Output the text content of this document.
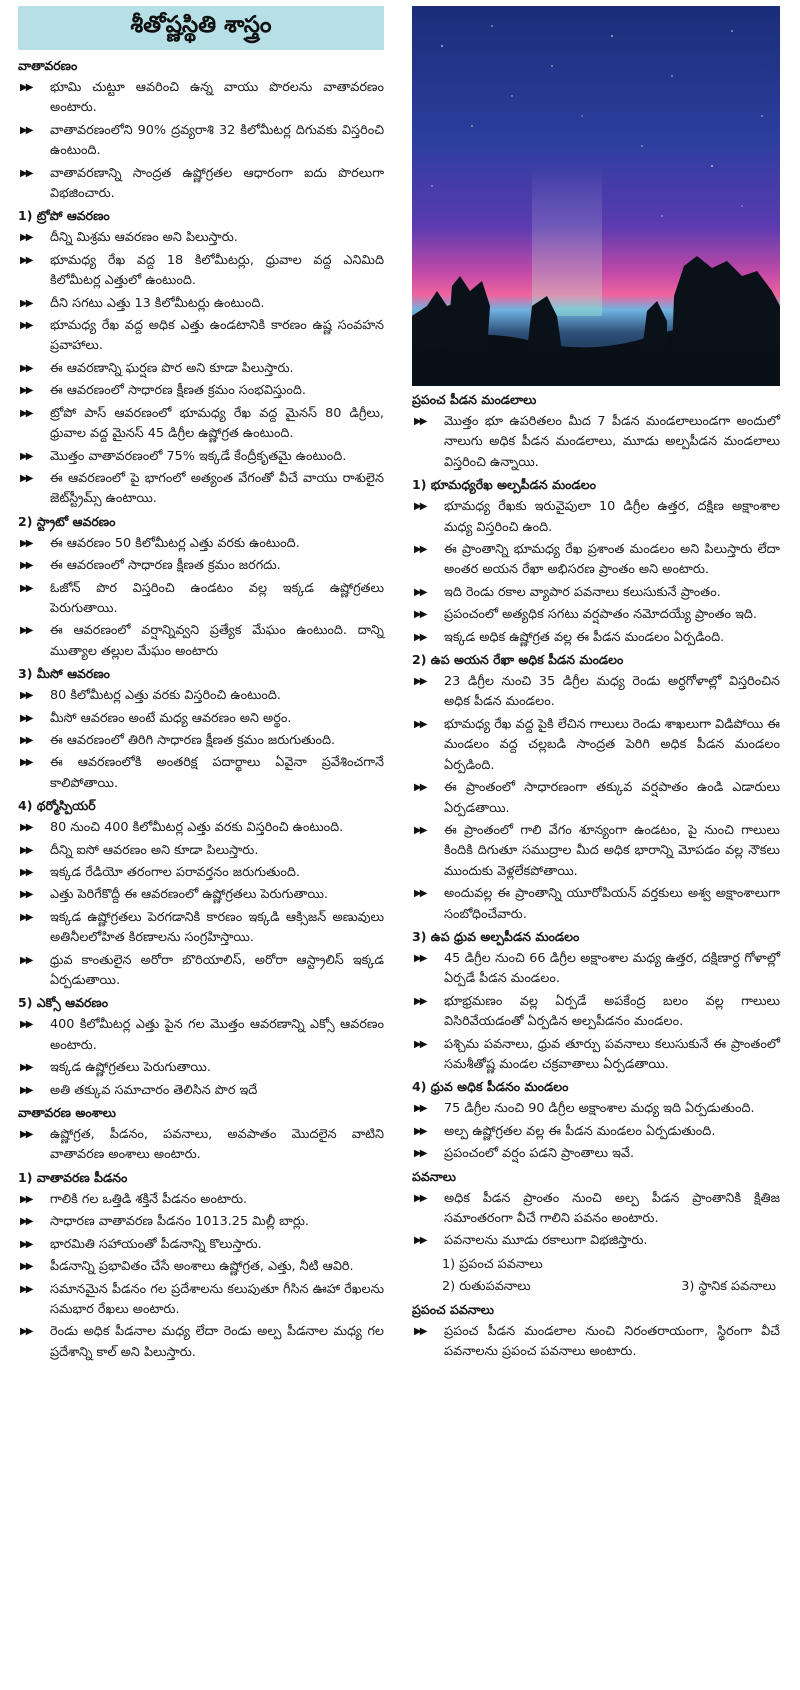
శీతోష్ణస్థితి శాస్త్రం
వాతావరణం
▶▶	భూమి చుట్టూ ఆవరించి ఉన్న వాయు పొరలను వాతావరణం అంటారు.
▶▶	వాతావరణంలోని 90% ద్రవ్యరాశి 32 కిలోమీటర్ల దిగువకు విస్తరించి ఉంటుంది.
▶▶	వాతావరణాన్ని సాంద్రత ఉష్ణోగ్రతల ఆధారంగా ఐదు పొరలుగా విభజించారు.
1) ట్రోపో ఆవరణం
▶▶	దీన్ని మిశ్రమ ఆవరణం అని పిలుస్తారు.
▶▶	భూమధ్య రేఖ వద్ద 18 కిలోమీటర్లు, ధ్రువాల వద్ద ఎనిమిది కిలోమీటర్ల ఎత్తులో ఉంటుంది.
▶▶	దీని సగటు ఎత్తు 13 కిలోమీటర్లు ఉంటుంది.
▶▶	భూమధ్య రేఖ వద్ద అధిక ఎత్తు ఉండటానికి కారణం ఉష్ణ సంవహన ప్రవాహాలు.
▶▶	ఈ ఆవరణాన్ని ఘర్షణ పొర అని కూడా పిలుస్తారు.
▶▶	ఈ ఆవరణంలో సాధారణ క్షీణత క్రమం సంభవిస్తుంది.
▶▶	ట్రోపో పాస్ ఆవరణంలో భూమధ్య రేఖ వద్ద మైనస్ 80 డిగ్రీలు, ధ్రువాల వద్ద మైనస్ 45 డిగ్రీల ఉష్ణోగ్రత ఉంటుంది.
▶▶	మొత్తం వాతావరణంలో 75% ఇక్కడే కేంద్రీకృతమై ఉంటుంది.
▶▶	ఈ ఆవరణంలో పై భాగంలో అత్యంత వేగంతో వీచే వాయు రాశులైన జెట్‌స్ట్రీమ్స్ ఉంటాయి.
2) స్ట్రాటో ఆవరణం
▶▶	ఈ ఆవరణం 50 కిలోమీటర్ల ఎత్తు వరకు ఉంటుంది.
▶▶	ఈ ఆవరణంలో సాధారణ క్షీణత క్రమం జరగదు.
▶▶	ఓజోన్ పొర విస్తరించి ఉండటం వల్ల ఇక్కడ ఉష్ణోగ్రతలు పెరుగుతాయి.
▶▶	ఈ ఆవరణంలో వర్షాన్నివ్వని ప్రత్యేక మేఘం ఉంటుంది. దాన్ని ముత్యాల తల్లుల మేఘం అంటారు
3) మీసో ఆవరణం
▶▶	80 కిలోమీటర్ల ఎత్తు వరకు విస్తరించి ఉంటుంది.
▶▶	మీసో ఆవరణం అంటే మధ్య ఆవరణం అని అర్థం.
▶▶	ఈ ఆవరణంలో తిరిగి సాధారణ క్షీణత క్రమం జరుగుతుంది.
▶▶	ఈ ఆవరణంలోకి అంతరిక్ష పదార్థాలు ఏవైనా ప్రవేశించగానే కాలిపోతాయి.
4) థర్మోస్పియర్
▶▶	80 నుంచి 400 కిలోమీటర్ల ఎత్తు వరకు విస్తరించి ఉంటుంది.
▶▶	దీన్ని ఐసో ఆవరణం అని కూడా పిలుస్తారు.
▶▶	ఇక్కడ రేడియో తరంగాల పరావర్తనం జరుగుతుంది.
▶▶	ఎత్తు పెరిగేకొద్దీ ఈ ఆవరణంలో ఉష్ణోగ్రతలు పెరుగుతాయి.
▶▶	ఇక్కడ ఉష్ణోగ్రతలు పెరగడానికి కారణం ఇక్కడి ఆక్సిజన్ అణువులు అతినీలలోహిత కిరణాలను సంగ్రహిస్తాయి.
▶▶	ధ్రువ కాంతులైన అరోరా బొరియాలిస్, అరోరా ఆస్ట్రాలిస్ ఇక్కడ ఏర్పడుతాయి.
5) ఎక్సో ఆవరణం
▶▶	400 కిలోమీటర్ల ఎత్తు పైన గల మొత్తం ఆవరణాన్ని ఎక్సో ఆవరణం అంటారు.
▶▶	ఇక్కడ ఉష్ణోగ్రతలు పెరుగుతాయి.
▶▶	అతి తక్కువ సమాచారం తెలిసిన పొర ఇదే
వాతావరణ అంశాలు
▶▶	ఉష్ణోగ్రత, పీడనం, పవనాలు, అవపాతం మొదలైన వాటిని వాతావరణ అంశాలు అంటారు.
1) వాతావరణ పీడనం
▶▶	గాలికి గల ఒత్తిడి శక్తినే పీడనం అంటారు.
▶▶	సాధారణ వాతావరణ పీడనం 1013.25 మిల్లీ బార్లు.
▶▶	భారమితి సహాయంతో పీడనాన్ని కొలుస్తారు.
▶▶	పీడనాన్ని ప్రభావితం చేసే అంశాలు ఉష్ణోగ్రత, ఎత్తు, నీటి ఆవిరి.
▶▶	సమానమైన పీడనం గల ప్రదేశాలను కలుపుతూ గీసిన ఊహా రేఖలను సమభార రేఖలు అంటారు.
▶▶	రెండు అధిక పీడనాల మధ్య లేదా రెండు అల్ప పీడనాల మధ్య గల ప్రదేశాన్ని కాల్ అని పిలుస్తారు.
ప్రపంచ పీడన మండలాలు
▶▶	మొత్తం భూ ఉపరితలం మీద 7 పీడన మండలాలుండగా అందులో నాలుగు అధిక పీడన మండలాలు, మూడు అల్పపీడన మండలాలు విస్తరించి ఉన్నాయి.
1) భూమధ్యరేఖ అల్పపీడన మండలం
▶▶	భూమధ్య రేఖకు ఇరువైపులా 10 డిగ్రీల ఉత్తర, దక్షిణ అక్షాంశాల మధ్య విస్తరించి ఉంది.
▶▶	ఈ ప్రాంతాన్ని భూమధ్య రేఖ ప్రశాంత మండలం అని పిలుస్తారు లేదా అంతర అయన రేఖా అభిసరణ ప్రాంతం అని అంటారు.
▶▶	ఇది రెండు రకాల వ్యాపార పవనాలు కలుసుకునే ప్రాంతం.
▶▶	ప్రపంచంలో అత్యధిక సగటు వర్షపాతం నమోదయ్యే ప్రాంతం ఇది.
▶▶	ఇక్కడ అధిక ఉష్ణోగ్రత వల్ల ఈ పీడన మండలం ఏర్పడింది.
2) ఉప అయన రేఖా అధిక పీడన మండలం
▶▶	23 డిగ్రీల నుంచి 35 డిగ్రీల మధ్య రెండు అర్ధగోళాల్లో విస్తరించిన అధిక పీడన మండలం.
▶▶	భూమధ్య రేఖ వద్ద పైకి లేచిన గాలులు రెండు శాఖలుగా విడిపోయి ఈ మండలం వద్ద చల్లబడి సాంద్రత పెరిగి అధిక పీడన మండలం ఏర్పడింది.
▶▶	ఈ ప్రాంతంలో సాధారణంగా తక్కువ వర్షపాతం ఉండి ఎడారులు ఏర్పడతాయి.
▶▶	ఈ ప్రాంతంలో గాలి వేగం శూన్యంగా ఉండటం, పై నుంచి గాలులు కిందికి దిగుతూ సముద్రాల మీద అధిక భారాన్ని మోపడం వల్ల నౌకలు ముందుకు వెళ్లలేకపోతాయి.
▶▶	అందువల్ల ఈ ప్రాంతాన్ని యూరోపియన్ వర్తకులు అశ్వ అక్షాంశాలుగా సంబోధించేవారు.
3) ఉప ధ్రువ అల్పపీడన మండలం
▶▶	45 డిగ్రీల నుంచి 66 డిగ్రీల అక్షాంశాల మధ్య ఉత్తర, దక్షిణార్ధ గోళాల్లో ఏర్పడే పీడన మండలం.
▶▶	భూభ్రమణం వల్ల ఏర్పడే అపకేంద్ర బలం వల్ల గాలులు విసిరివేయడంతో ఏర్పడిన అల్పపీడనం మండలం.
▶▶	పశ్చిమ పవనాలు, ధ్రువ తూర్పు పవనాలు కలుసుకునే ఈ ప్రాంతంలో సమశీతోష్ణ మండల చక్రవాతాలు ఏర్పడతాయి.
4) ధ్రువ అధిక పీడనం మండలం
▶▶	75 డిగ్రీల నుంచి 90 డిగ్రీల అక్షాంశాల మధ్య ఇది ఏర్పడుతుంది.
▶▶	అల్ప ఉష్ణోగ్రతల వల్ల ఈ పీడన మండలం ఏర్పడుతుంది.
▶▶	ప్రపంచంలో వర్షం పడని ప్రాంతాలు ఇవే.
పవనాలు
▶▶	అధిక పీడన ప్రాంతం నుంచి అల్ప పీడన ప్రాంతానికి క్షితిజ సమాంతరంగా వీచే గాలిని పవనం అంటారు.
▶▶	పవనాలను మూడు రకాలుగా విభజిస్తారు.
1) ప్రపంచ పవనాలు
2) రుతుపవనాలు	3) స్థానిక పవనాలు
ప్రపంచ పవనాలు
▶▶	ప్రపంచ పీడన మండలాల నుంచి నిరంతరాయంగా, స్థిరంగా వీచే పవనాలను ప్రపంచ పవనాలు అంటారు.
